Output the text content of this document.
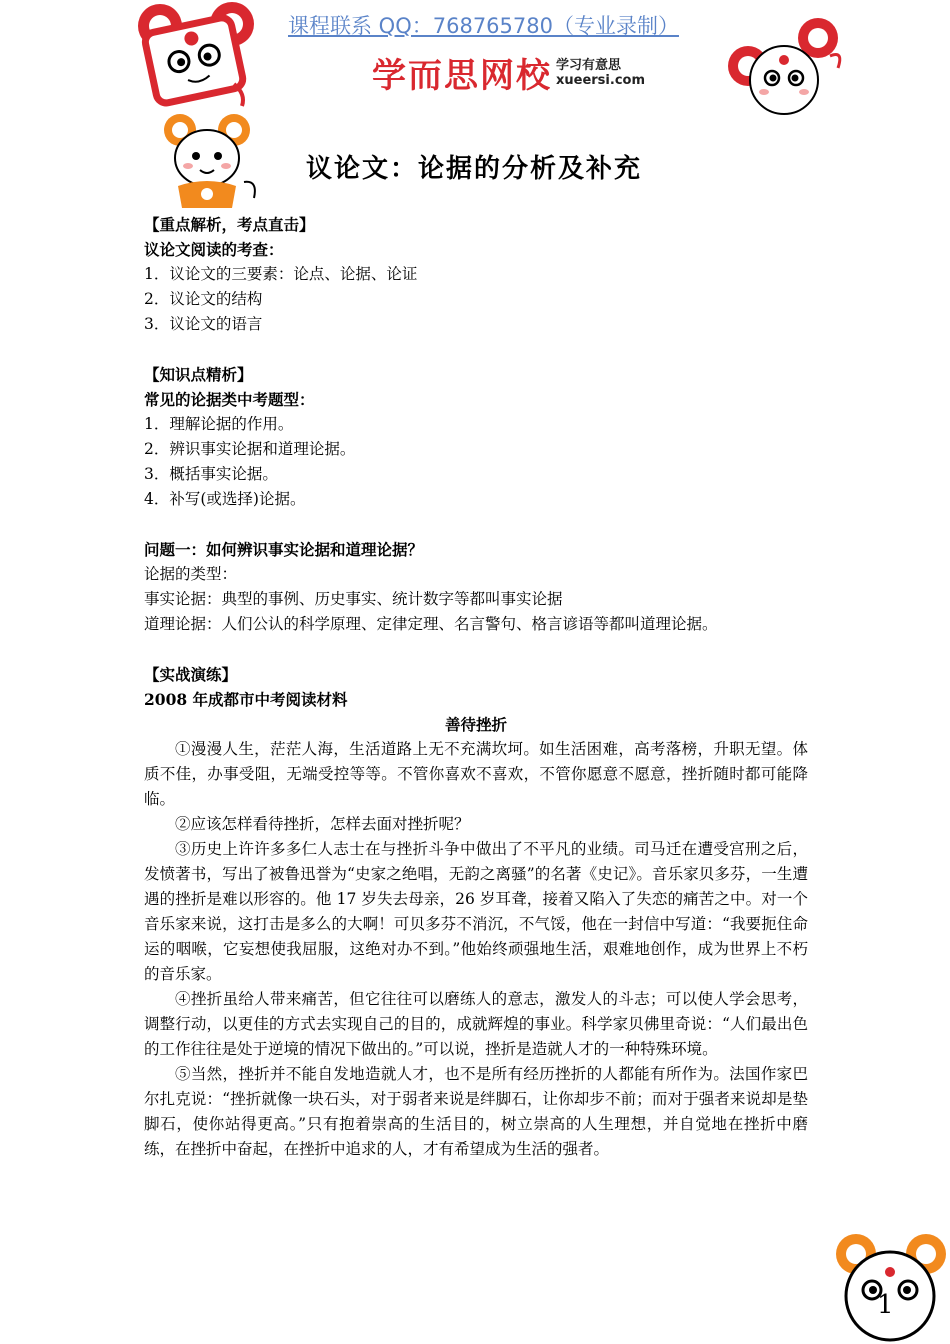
课程联系 QQ：768765780（专业录制）
学而思网校 学习有意思
xueersi.com
议论文：论据的分析及补充

【重点解析，考点直击】

议论文阅读的考查：

1．议论文的三要素：论点、论据、论证

2．议论文的结构

3．议论文的语言

【知识点精析】

常见的论据类中考题型：

1．理解论据的作用。

2．辨识事实论据和道理论据。

3．概括事实论据。

4．补写(或选择)论据。

问题一：如何辨识事实论据和道理论据？

论据的类型：

事实论据：典型的事例、历史事实、统计数字等都叫事实论据

道理论据：人们公认的科学原理、定律定理、名言警句、格言谚语等都叫道理论据。

【实战演练】

2008 年成都市中考阅读材料

善待挫折

①漫漫人生，茫茫人海，生活道路上无不充满坎坷。如生活困难，高考落榜，升职无望。体质不佳，办事受阻，无端受控等等。不管你喜欢不喜欢，不管你愿意不愿意，挫折随时都可能降临。

②应该怎样看待挫折，怎样去面对挫折呢？

③历史上许许多多仁人志士在与挫折斗争中做出了不平凡的业绩。司马迁在遭受宫刑之后，发愤著书，写出了被鲁迅誉为“史家之绝唱，无韵之离骚”的名著《史记》。音乐家贝多芬，一生遭遇的挫折是难以形容的。他 17 岁失去母亲，26 岁耳聋，接着又陷入了失恋的痛苦之中。对一个音乐家来说，这打击是多么的大啊！可贝多芬不消沉，不气馁，他在一封信中写道：“我要扼住命运的咽喉，它妄想使我屈服，这绝对办不到。”他始终顽强地生活，艰难地创作，成为世界上不朽的音乐家。

④挫折虽给人带来痛苦，但它往往可以磨练人的意志，激发人的斗志；可以使人学会思考，调整行动，以更佳的方式去实现自己的目的，成就辉煌的事业。科学家贝佛里奇说：“人们最出色的工作往往是处于逆境的情况下做出的。”可以说，挫折是造就人才的一种特殊环境。

⑤当然，挫折并不能自发地造就人才，也不是所有经历挫折的人都能有所作为。法国作家巴尔扎克说：“挫折就像一块石头，对于弱者来说是绊脚石，让你却步不前；而对于强者来说却是垫脚石，使你站得更高。”只有抱着崇高的生活目的，树立崇高的人生理想，并自觉地在挫折中磨练，在挫折中奋起，在挫折中追求的人，才有希望成为生活的强者。

1
